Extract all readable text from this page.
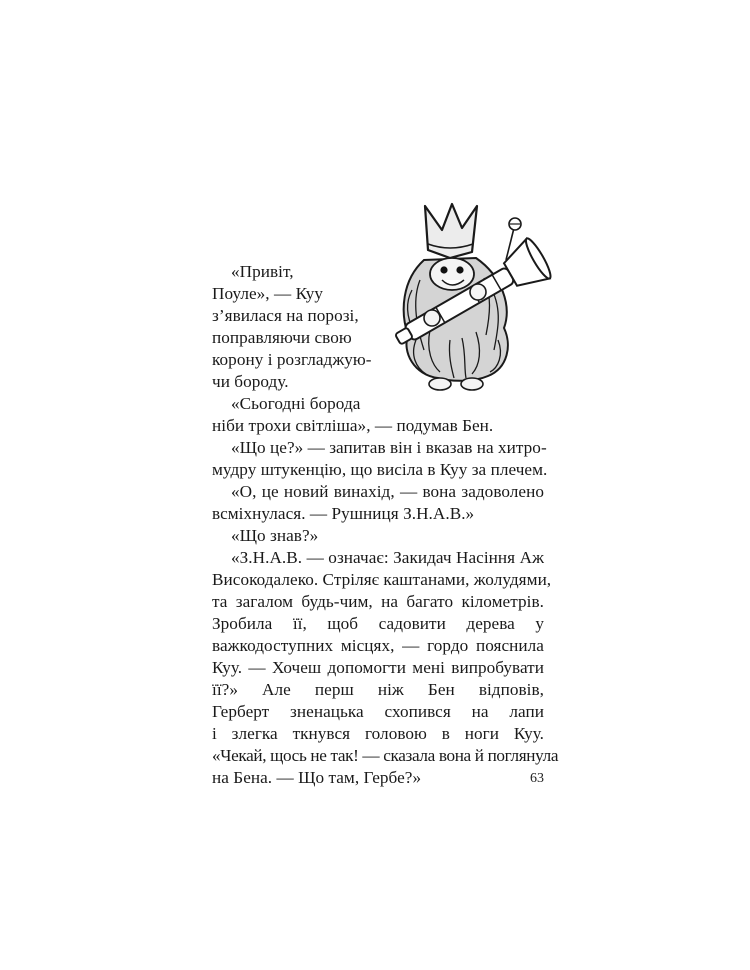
«Привіт,
Поуле», — Куу
з’явилася на порозі,
поправляючи свою
корону і розгладжую-
чи бороду.
«Сьогодні борода
ніби трохи світліша», — подумав Бен.
«Що це?» — запитав він і вказав на хитро-
мудру штукенцію, що висіла в Куу за плечем.
«О, це новий винахід, — вона задоволено
всміхнулася. — Рушниця З.Н.А.В.»
«Що знав?»
«З.Н.А.В. — означає: Закидач Насіння Аж
Високодалеко. Стріляє каштанами, жолудями,
та загалом будь-чим, на багато кілометрів.
Зробила її, щоб садовити дерева у
важкодоступних місцях, — гордо пояснила
Куу. — Хочеш допомогти мені випробувати
її?» Але перш ніж Бен відповів,
Герберт зненацька схопився на лапи
і злегка ткнувся головою в ноги Куу.
«Чекай, щось не так! — сказала вона й поглянула
на Бена. — Що там, Гербе?»	63
